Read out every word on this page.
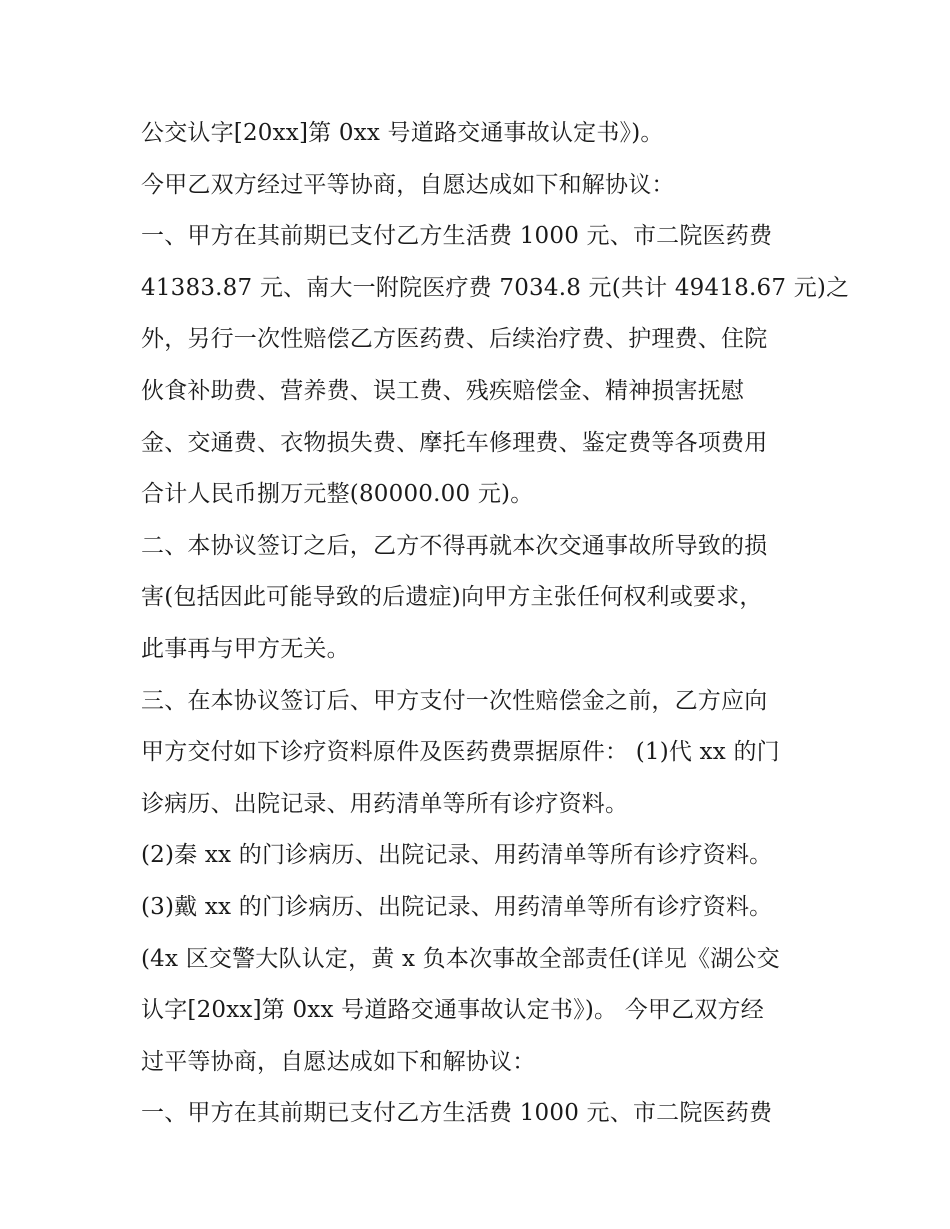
公交认字[20xx]第 0xx 号道路交通事故认定书》)。
今甲乙双方经过平等协商，自愿达成如下和解协议：
一、甲方在其前期已支付乙方生活费 1000 元、市二院医药费
41383.87 元、南大一附院医疗费 7034.8 元(共计 49418.67 元)之
外，另行一次性赔偿乙方医药费、后续治疗费、护理费、住院
伙食补助费、营养费、误工费、残疾赔偿金、精神损害抚慰
金、交通费、衣物损失费、摩托车修理费、鉴定费等各项费用
合计人民币捌万元整(80000.00 元)。
二、本协议签订之后，乙方不得再就本次交通事故所导致的损
害(包括因此可能导致的后遗症)向甲方主张任何权利或要求，
此事再与甲方无关。
三、在本协议签订后、甲方支付一次性赔偿金之前，乙方应向
甲方交付如下诊疗资料原件及医药费票据原件： (1)代 xx 的门
诊病历、出院记录、用药清单等所有诊疗资料。
(2)秦 xx 的门诊病历、出院记录、用药清单等所有诊疗资料。
(3)戴 xx 的门诊病历、出院记录、用药清单等所有诊疗资料。
(4x 区交警大队认定，黄 x 负本次事故全部责任(详见《湖公交
认字[20xx]第 0xx 号道路交通事故认定书》)。 今甲乙双方经
过平等协商，自愿达成如下和解协议：
一、甲方在其前期已支付乙方生活费 1000 元、市二院医药费
